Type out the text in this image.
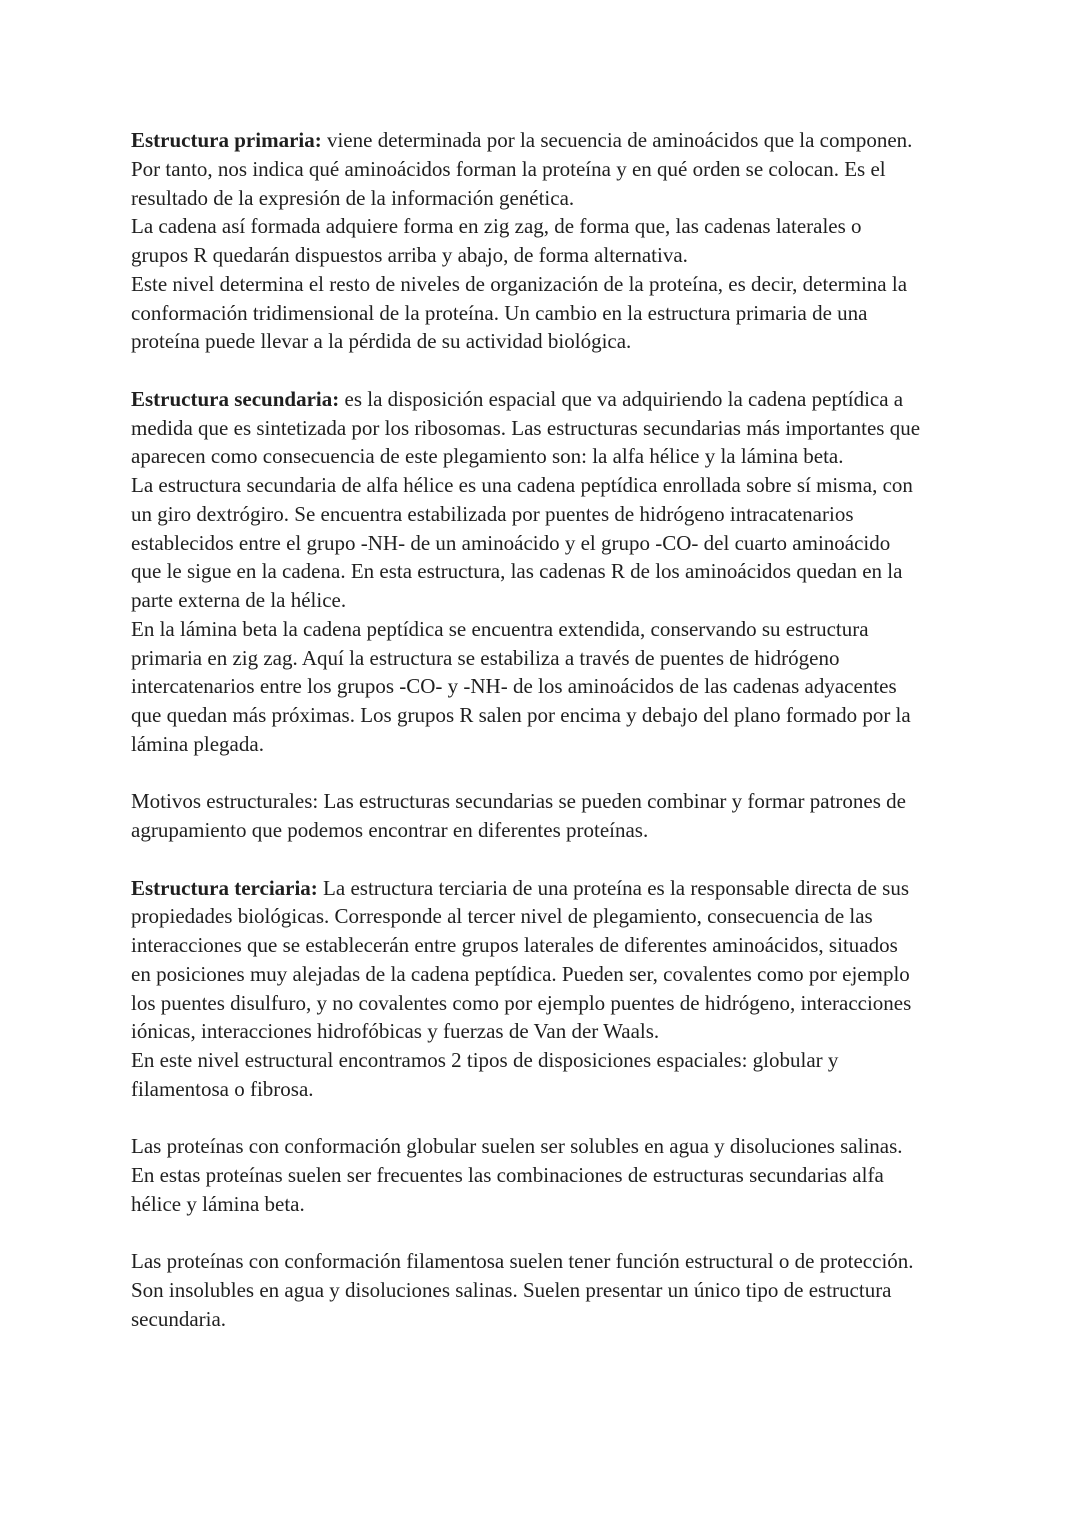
Estructura primaria: viene determinada por la secuencia de aminoácidos que la componen.
Por tanto, nos indica qué aminoácidos forman la proteína y en qué orden se colocan. Es el
resultado de la expresión de la información genética.
La cadena así formada adquiere forma en zig zag, de forma que, las cadenas laterales o
grupos R quedarán dispuestos arriba y abajo, de forma alternativa.
Este nivel determina el resto de niveles de organización de la proteína, es decir, determina la
conformación tridimensional de la proteína. Un cambio en la estructura primaria de una
proteína puede llevar a la pérdida de su actividad biológica.
Estructura secundaria: es la disposición espacial que va adquiriendo la cadena peptídica a
medida que es sintetizada por los ribosomas. Las estructuras secundarias más importantes que
aparecen como consecuencia de este plegamiento son: la alfa hélice y la lámina beta.
La estructura secundaria de alfa hélice es una cadena peptídica enrollada sobre sí misma, con
un giro dextrógiro. Se encuentra estabilizada por puentes de hidrógeno intracatenarios
establecidos entre el grupo -NH- de un aminoácido y el grupo -CO- del cuarto aminoácido
que le sigue en la cadena. En esta estructura, las cadenas R de los aminoácidos quedan en la
parte externa de la hélice.
En la lámina beta la cadena peptídica se encuentra extendida, conservando su estructura
primaria en zig zag. Aquí la estructura se estabiliza a través de puentes de hidrógeno
intercatenarios entre los grupos -CO- y -NH- de los aminoácidos de las cadenas adyacentes
que quedan más próximas. Los grupos R salen por encima y debajo del plano formado por la
lámina plegada.
Motivos estructurales: Las estructuras secundarias se pueden combinar y formar patrones de
agrupamiento que podemos encontrar en diferentes proteínas.
Estructura terciaria: La estructura terciaria de una proteína es la responsable directa de sus
propiedades biológicas. Corresponde al tercer nivel de plegamiento, consecuencia de las
interacciones que se establecerán entre grupos laterales de diferentes aminoácidos, situados
en posiciones muy alejadas de la cadena peptídica. Pueden ser, covalentes como por ejemplo
los puentes disulfuro, y no covalentes como por ejemplo puentes de hidrógeno, interacciones
iónicas, interacciones hidrofóbicas y fuerzas de Van der Waals.
En este nivel estructural encontramos 2 tipos de disposiciones espaciales: globular y
filamentosa o fibrosa.
Las proteínas con conformación globular suelen ser solubles en agua y disoluciones salinas.
En estas proteínas suelen ser frecuentes las combinaciones de estructuras secundarias alfa
hélice y lámina beta.
Las proteínas con conformación filamentosa suelen tener función estructural o de protección.
Son insolubles en agua y disoluciones salinas. Suelen presentar un único tipo de estructura
secundaria.
